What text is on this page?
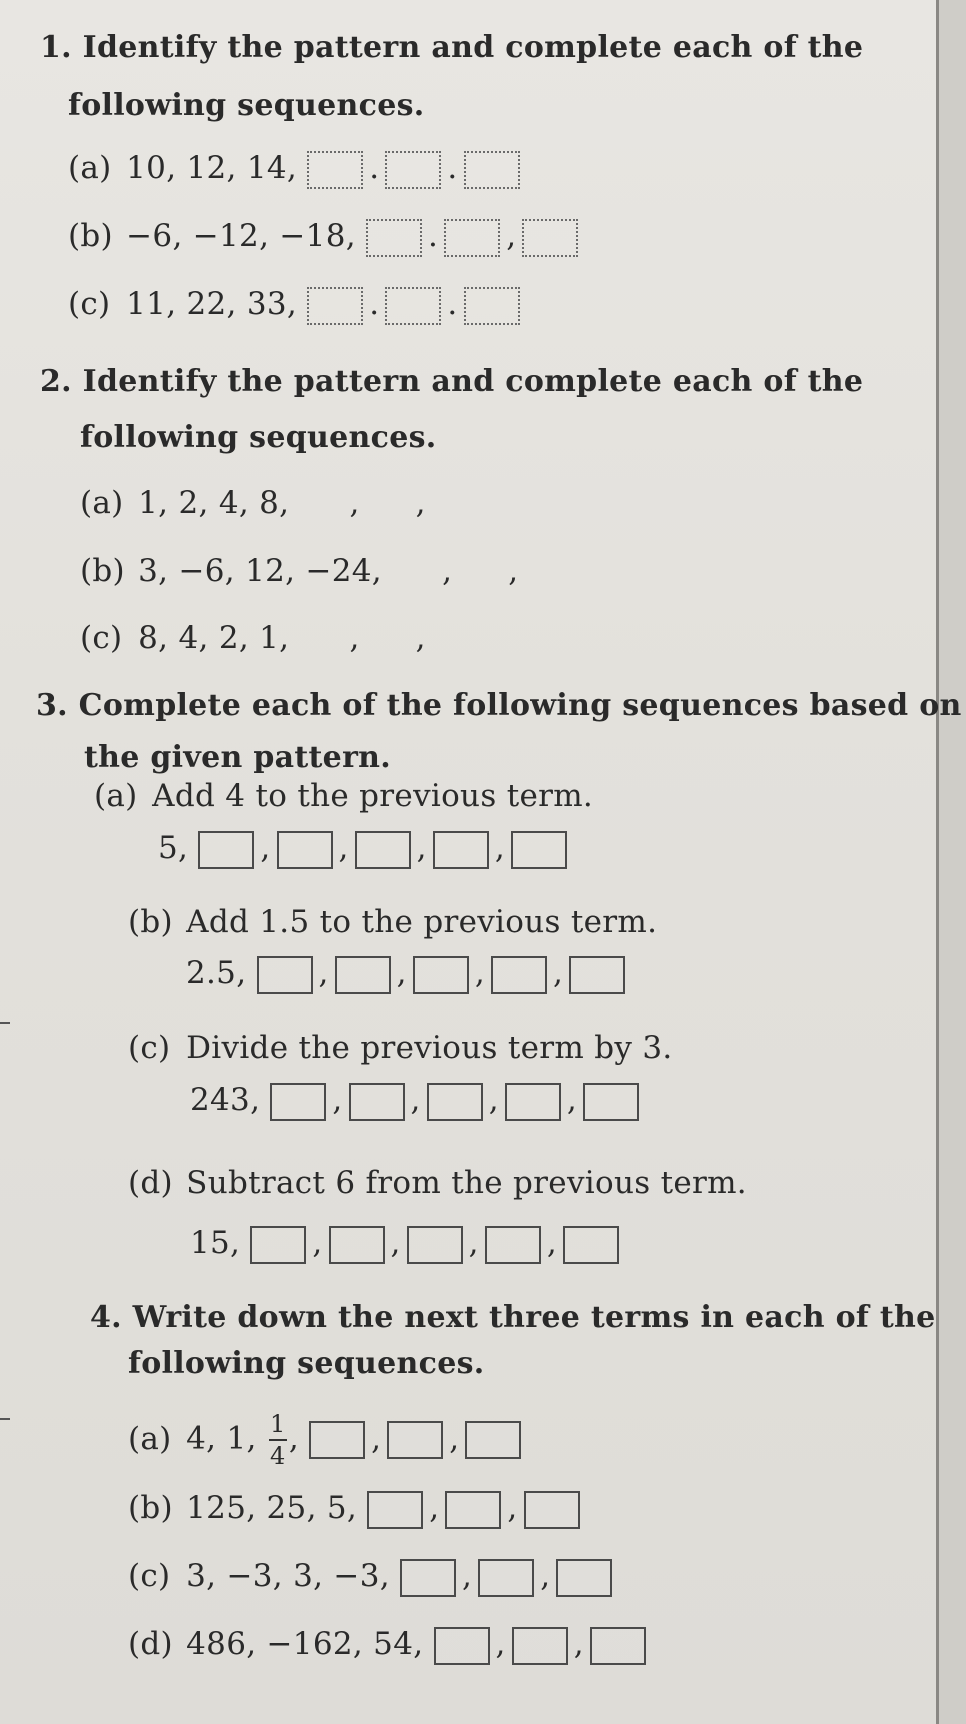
1. Identify the pattern and complete each of the
following sequences.
(a) 10, 12, 14, . .
(b) −6, −12, −18, . ,
(c) 11, 22, 33, . .
2. Identify the pattern and complete each of the
following sequences.
(a) 1, 2, 4, 8, , ,
(b) 3, −6, 12, −24, , ,
(c) 8, 4, 2, 1, , ,
3. Complete each of the following sequences based on
the given pattern.
(a) Add 4 to the previous term.
5, , , , ,
(b) Add 1.5 to the previous term.
2.5, , , , ,
(c) Divide the previous term by 3.
243, , , , ,
(d) Subtract 6 from the previous term.
15, , , , ,
4. Write down the next three terms in each of the
following sequences.
(a) 4, 1, $\frac{1}{4}$ , , ,
(b) 125, 25, 5, , ,
(c) 3, −3, 3, −3, , ,
(d) 486, −162, 54, , ,
